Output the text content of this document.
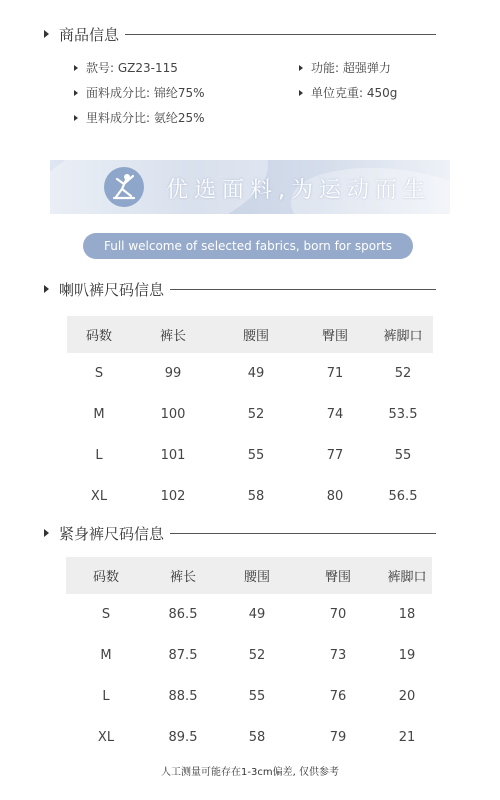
商品信息
款号: GZ23-115
面料成分比: 锦纶75%
里料成分比: 氨纶25%
功能: 超强弹力
单位克重: 450g
优选面料,为运动而生
Full welcome of selected fabrics, born for sports
喇叭裤尺码信息
码数	裤长	腰围	臀围	裤脚口
S	99	49	71	52
M	100	52	74	53.5
L	101	55	77	55
XL	102	58	80	56.5
紧身裤尺码信息
码数	裤长	腰围	臀围	裤脚口
S	86.5	49	70	18
M	87.5	52	73	19
L	88.5	55	76	20
XL	89.5	58	79	21
人工测量可能存在1-3cm偏差, 仅供参考
